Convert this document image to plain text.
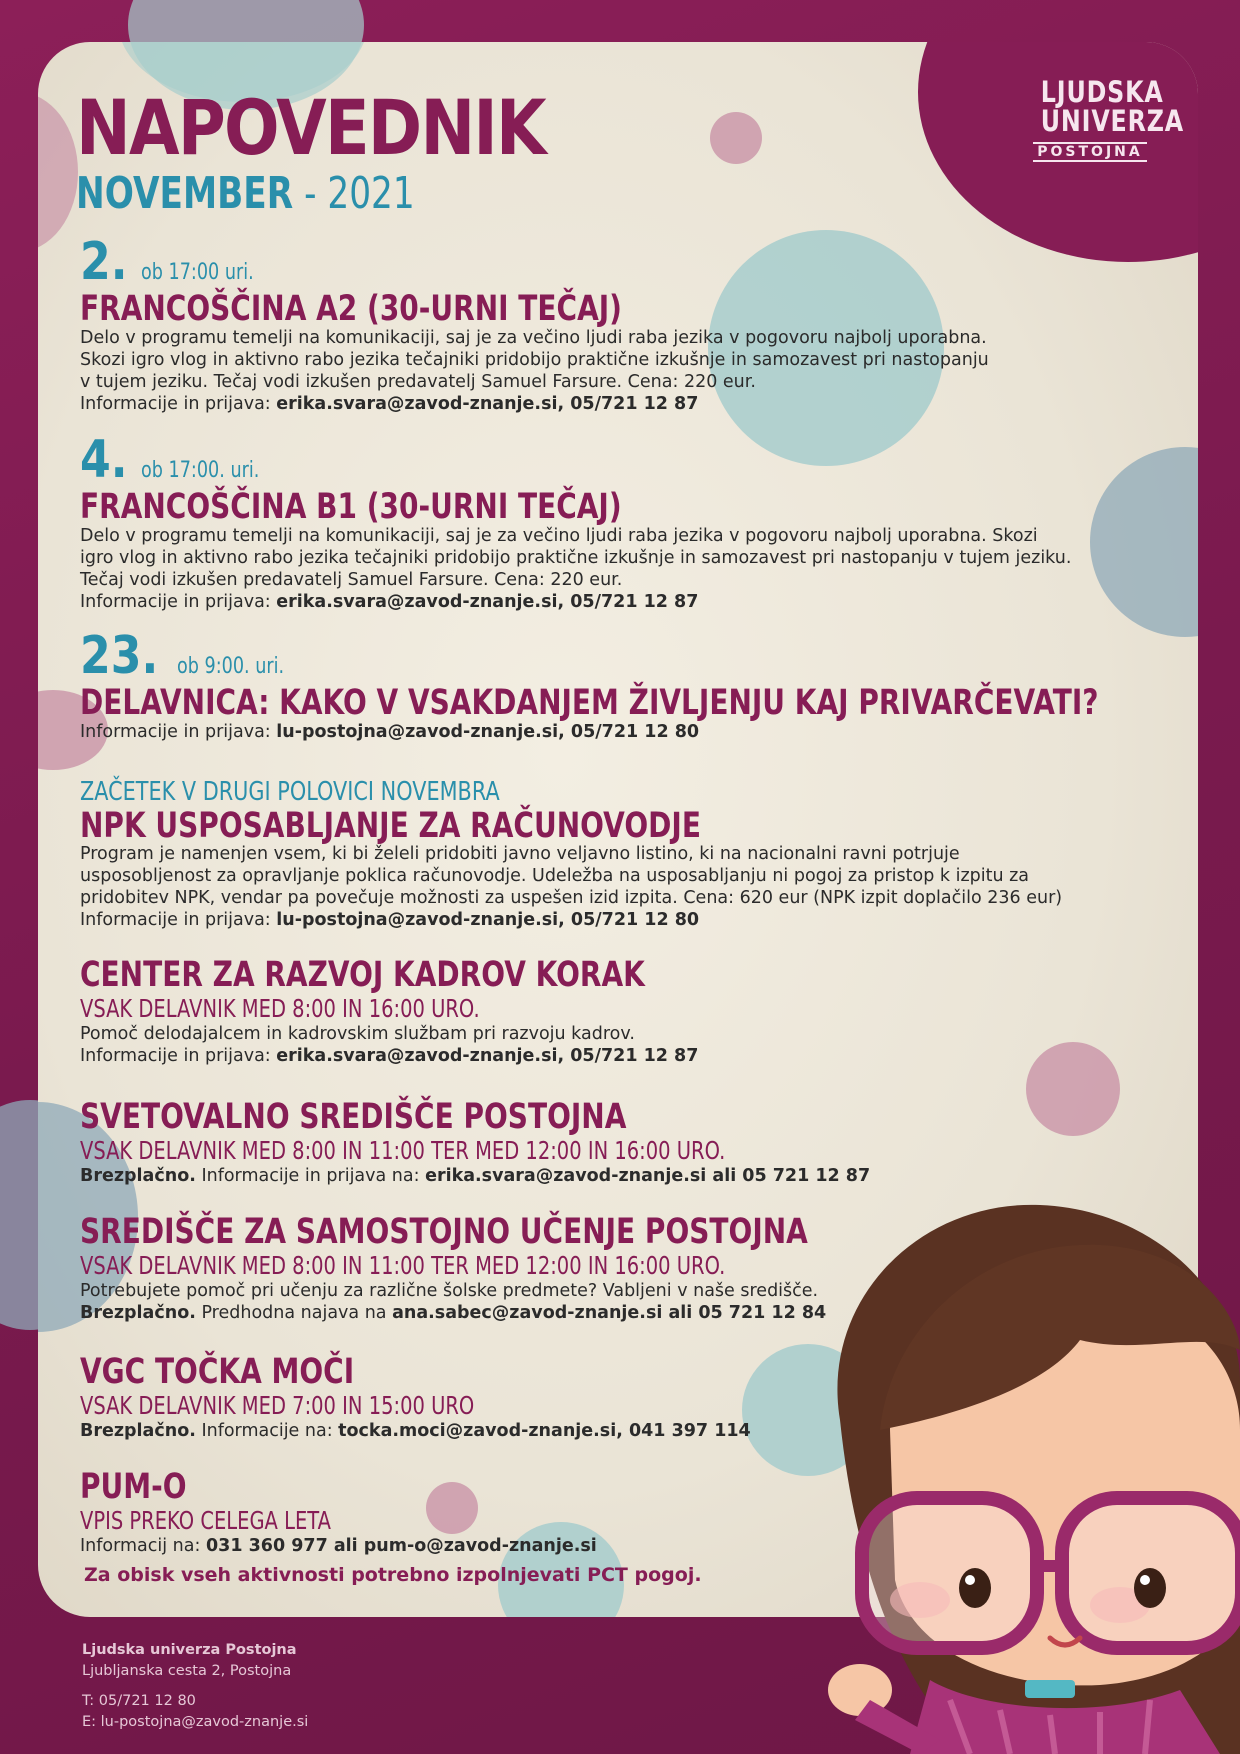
LJUDSKA
UNIVERZA
POSTOJNA
NAPOVEDNIK
NOVEMBER - 2021
2. ob 17:00 uri.
FRANCOŠČINA A2 (30-URNI TEČAJ)

Delo v programu temelji na komunikaciji, saj je za večino ljudi raba jezika v pogovoru najbolj uporabna.
Skozi igro vlog in aktivno rabo jezika tečajniki pridobijo praktične izkušnje in samozavest pri nastopanju
v tujem jeziku. Tečaj vodi izkušen predavatelj Samuel Farsure. Cena: 220 eur.
Informacije in prijava: erika.svara@zavod-znanje.si, 05/721 12 87

4. ob 17:00. uri.
FRANCOŠČINA B1 (30-URNI TEČAJ)

Delo v programu temelji na komunikaciji, saj je za večino ljudi raba jezika v pogovoru najbolj uporabna. Skozi
igro vlog in aktivno rabo jezika tečajniki pridobijo praktične izkušnje in samozavest pri nastopanju v tujem jeziku.
Tečaj vodi izkušen predavatelj Samuel Farsure. Cena: 220 eur.
Informacije in prijava: erika.svara@zavod-znanje.si, 05/721 12 87

23. ob 9:00. uri.
DELAVNICA: KAKO V VSAKDANJEM ŽIVLJENJU KAJ PRIVARČEVATI?

Informacije in prijava: lu-postojna@zavod-znanje.si, 05/721 12 80

ZAČETEK V DRUGI POLOVICI NOVEMBRA
NPK USPOSABLJANJE ZA RAČUNOVODJE

Program je namenjen vsem, ki bi želeli pridobiti javno veljavno listino, ki na nacionalni ravni potrjuje
usposobljenost za opravljanje poklica računovodje. Udeležba na usposabljanju ni pogoj za pristop k izpitu za
pridobitev NPK, vendar pa povečuje možnosti za uspešen izid izpita. Cena: 620 eur (NPK izpit doplačilo 236 eur)
Informacije in prijava: lu-postojna@zavod-znanje.si, 05/721 12 80

CENTER ZA RAZVOJ KADROV KORAK
VSAK DELAVNIK MED 8:00 IN 16:00 URO.

Pomoč delodajalcem in kadrovskim službam pri razvoju kadrov.
Informacije in prijava: erika.svara@zavod-znanje.si, 05/721 12 87

SVETOVALNO SREDIŠČE POSTOJNA
VSAK DELAVNIK MED 8:00 IN 11:00 TER MED 12:00 IN 16:00 URO.

Brezplačno. Informacije in prijava na: erika.svara@zavod-znanje.si ali 05 721 12 87

SREDIŠČE ZA SAMOSTOJNO UČENJE POSTOJNA
VSAK DELAVNIK MED 8:00 IN 11:00 TER MED 12:00 IN 16:00 URO.

Potrebujete pomoč pri učenju za različne šolske predmete? Vabljeni v naše središče.
Brezplačno. Predhodna najava na ana.sabec@zavod-znanje.si ali 05 721 12 84

VGC TOČKA MOČI
VSAK DELAVNIK MED 7:00 IN 15:00 URO

Brezplačno. Informacije na: tocka.moci@zavod-znanje.si, 041 397 114

PUM-O
VPIS PREKO CELEGA LETA

Informacij na: 031 360 977 ali pum-o@zavod-znanje.si

Za obisk vseh aktivnosti potrebno izpolnjevati PCT pogoj.
Ljudska univerza Postojna
Ljubljanska cesta 2, Postojna

T: 05/721 12 80
E: lu-postojna@zavod-znanje.si
